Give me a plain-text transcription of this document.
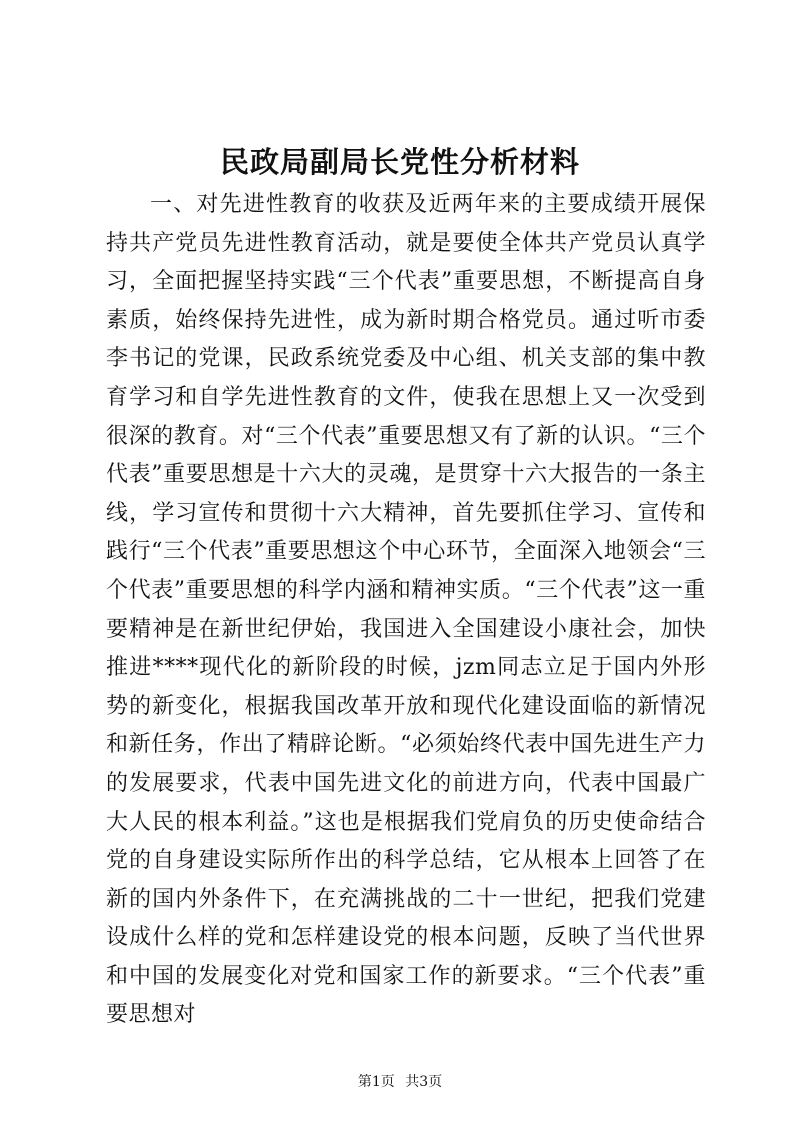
民政局副局长党性分析材料

一、对先进性教育的收获及近两年来的主要成绩开展保持共产党员先进性教育活动，就是要使全体共产党员认真学习，全面把握坚持实践“三个代表”重要思想，不断提高自身素质，始终保持先进性，成为新时期合格党员。通过听市委李书记的党课，民政系统党委及中心组、机关支部的集中教育学习和自学先进性教育的文件，使我在思想上又一次受到很深的教育。对“三个代表”重要思想又有了新的认识。“三个代表”重要思想是十六大的灵魂，是贯穿十六大报告的一条主线，学习宣传和贯彻十六大精神，首先要抓住学习、宣传和践行“三个代表”重要思想这个中心环节，全面深入地领会“三个代表”重要思想的科学内涵和精神实质。“三个代表”这一重要精神是在新世纪伊始，我国进入全国建设小康社会，加快推进****现代化的新阶段的时候，jzm同志立足于国内外形势的新变化，根据我国改革开放和现代化建设面临的新情况和新任务，作出了精辟论断。“必须始终代表中国先进生产力的发展要求，代表中国先进文化的前进方向，代表中国最广大人民的根本利益。”这也是根据我们党肩负的历史使命结合党的自身建设实际所作出的科学总结，它从根本上回答了在新的国内外条件下，在充满挑战的二十一世纪，把我们党建设成什么样的党和怎样建设党的根本问题，反映了当代世界和中国的发展变化对党和国家工作的新要求。“三个代表”重要思想对

第1页 共3页
